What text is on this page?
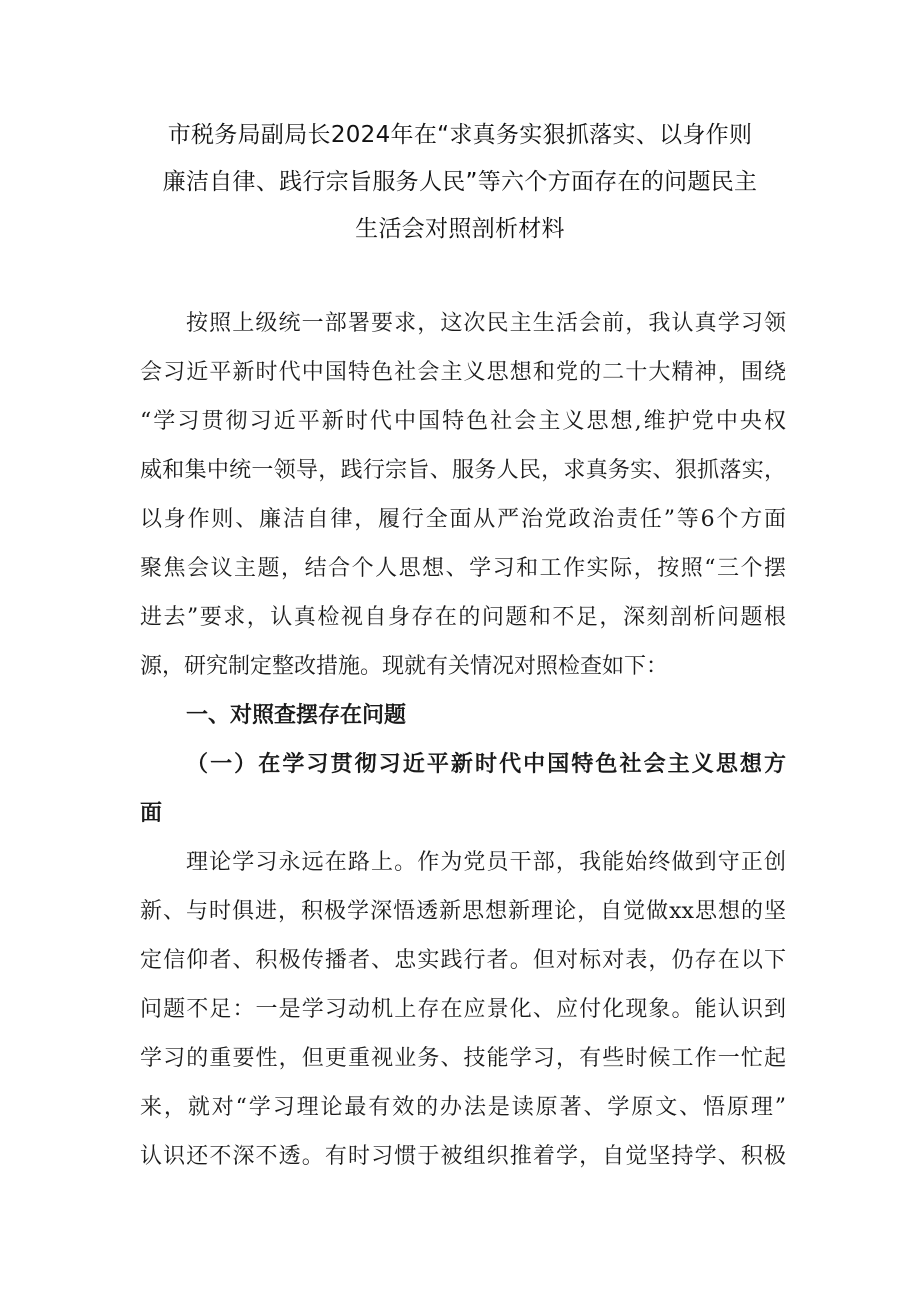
市税务局副局长2024年在“求真务实狠抓落实、以身作则
廉洁自律、践行宗旨服务人民”等六个方面存在的问题民主
生活会对照剖析材料
按照上级统一部署要求，这次民主生活会前，我认真学习领
会习近平新时代中国特色社会主义思想和党的二十大精神，围绕
“学习贯彻习近平新时代中国特色社会主义思想,维护党中央权
威和集中统一领导，践行宗旨、服务人民，求真务实、狠抓落实，
以身作则、廉洁自律，履行全面从严治党政治责任”等6个方面
聚焦会议主题，结合个人思想、学习和工作实际，按照“三个摆
进去”要求，认真检视自身存在的问题和不足，深刻剖析问题根
源，研究制定整改措施。现就有关情况对照检查如下：
一、对照查摆存在问题
（一）在学习贯彻习近平新时代中国特色社会主义思想方
面
理论学习永远在路上。作为党员干部，我能始终做到守正创
新、与时俱进，积极学深悟透新思想新理论，自觉做xx思想的坚
定信仰者、积极传播者、忠实践行者。但对标对表，仍存在以下
问题不足：一是学习动机上存在应景化、应付化现象。能认识到
学习的重要性，但更重视业务、技能学习，有些时候工作一忙起
来，就对“学习理论最有效的办法是读原著、学原文、悟原理”
认识还不深不透。有时习惯于被组织推着学，自觉坚持学、积极
